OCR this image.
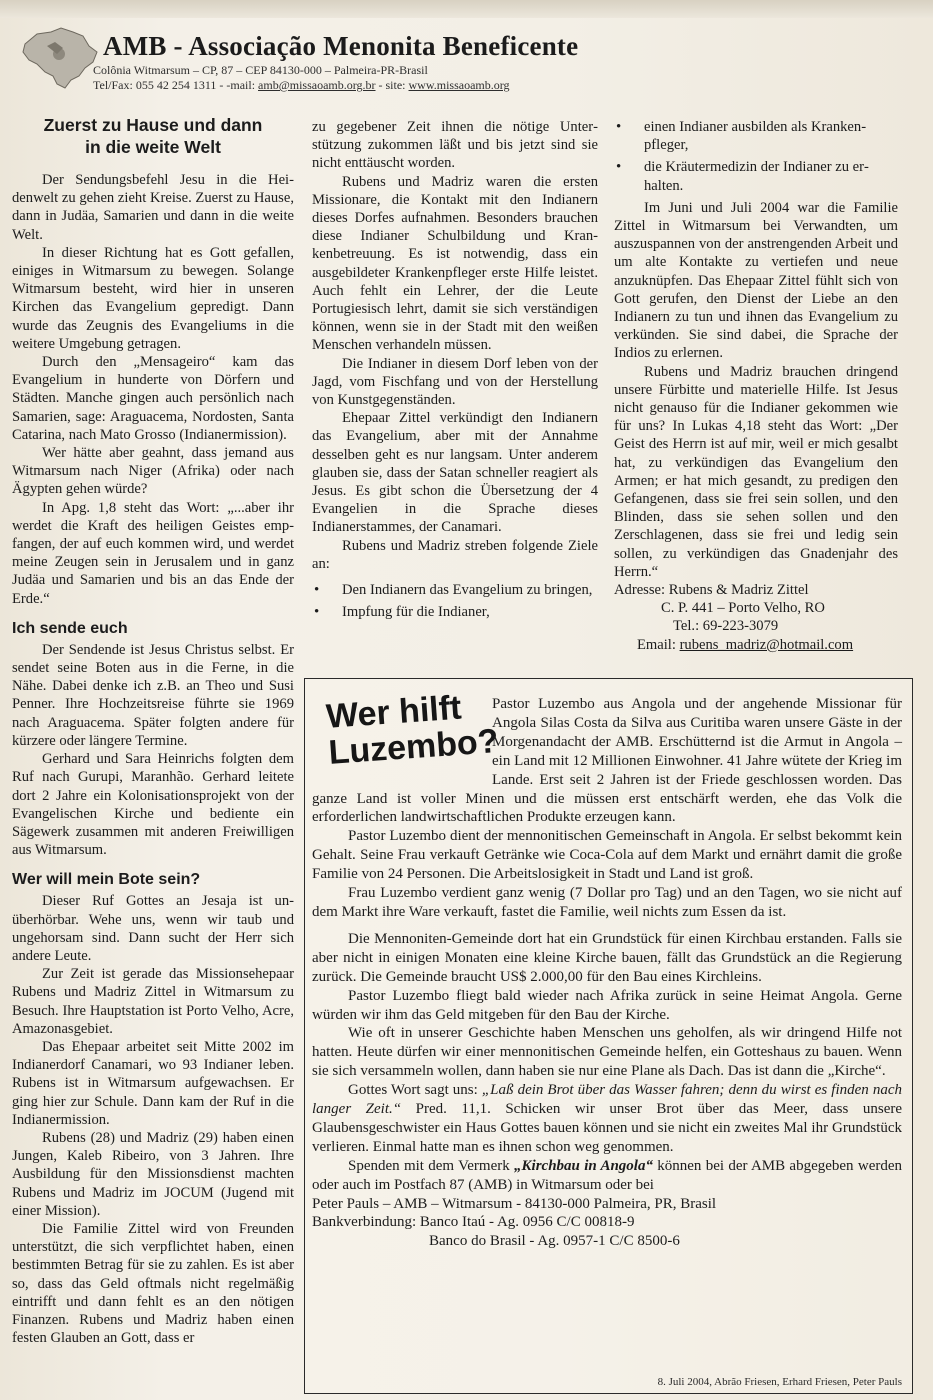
AMB - Associação Menonita Beneficente
Colônia Witmarsum – CP, 87 – CEP 84130-000 – Palmeira-PR-Brasil
Tel/Fax: 055 42 254 1311 - -mail: amb@missaoamb.org.br - site: www.missaoamb.org
Zuerst zu Hause und dann
in die weite Welt

Der Sendungsbefehl Jesu in die Heidenwelt zu gehen zieht Kreise. Zuerst zu Hause, dann in Judäa, Samarien und dann in die weite Welt.

In dieser Richtung hat es Gott gefallen, einiges in Witmarsum zu bewegen. Solange Witmarsum besteht, wird hier in unseren Kirchen das Evangelium gepredigt. Dann wurde das Zeugnis des Evangeliums in die weitere Umgebung getragen.

Durch den „Mensageiro“ kam das Evangelium in hunderte von Dörfern und Städten. Manche gingen auch persönlich nach Samarien, sage: Araguacema, Nordosten, Santa Catarina, nach Mato Grosso (Indianermission).

Wer hätte aber geahnt, dass jemand aus Witmarsum nach Niger (Afrika) oder nach Ägypten gehen würde?

In Apg. 1,8 steht das Wort: „...aber ihr werdet die Kraft des heiligen Geistes empfangen, der auf euch kommen wird, und werdet meine Zeugen sein in Jerusalem und in ganz Judäa und Samarien und bis an das Ende der Erde.“

Ich sende euch

Der Sendende ist Jesus Christus selbst. Er sendet seine Boten aus in die Ferne, in die Nähe. Dabei denke ich z.B. an Theo und Susi Penner. Ihre Hochzeitsreise führte sie 1969 nach Araguacema. Später folgten andere für kürzere oder längere Termine.

Gerhard und Sara Heinrichs folgten dem Ruf nach Gurupi, Maranhão. Gerhard leitete dort 2 Jahre ein Kolonisationsprojekt von der Evangelischen Kirche und bediente ein Sägewerk zusammen mit anderen Freiwilligen aus Witmarsum.

Wer will mein Bote sein?

Dieser Ruf Gottes an Jesaja ist unüberhörbar. Wehe uns, wenn wir taub und ungehorsam sind. Dann sucht der Herr sich andere Leute.

Zur Zeit ist gerade das Missionsehepaar Rubens und Madriz Zittel in Witmarsum zu Besuch. Ihre Hauptstation ist Porto Velho, Acre, Amazonasgebiet.

Das Ehepaar arbeitet seit Mitte 2002 im Indianerdorf Canamari, wo 93 Indianer leben. Rubens ist in Witmarsum aufgewachsen. Er ging hier zur Schule. Dann kam der Ruf in die Indianermission.

Rubens (28) und Madriz (29) haben einen Jungen, Kaleb Ribeiro, von 3 Jahren. Ihre Ausbildung für den Missionsdienst machten Rubens und Madriz im JOCUM (Jugend mit einer Mission).

Die Familie Zittel wird von Freunden unterstützt, die sich verpflichtet haben, einen bestimmten Betrag für sie zu zahlen. Es ist aber so, dass das Geld oftmals nicht regelmäßig eintrifft und dann fehlt es an den nötigen Finanzen. Rubens und Madriz haben einen festen Glauben an Gott, dass er

zu gegebener Zeit ihnen die nötige Unterstützung zukommen läßt und bis jetzt sind sie nicht enttäuscht worden.

Rubens und Madriz waren die ersten Missionare, die Kontakt mit den Indianern dieses Dorfes aufnahmen. Besonders brauchen diese Indianer Schulbildung und Krankenbetreuung. Es ist notwendig, dass ein ausgebildeter Krankenpfleger erste Hilfe leistet. Auch fehlt ein Lehrer, der die Leute Portugiesisch lehrt, damit sie sich verständigen können, wenn sie in der Stadt mit den weißen Menschen verhandeln müssen.

Die Indianer in diesem Dorf leben von der Jagd, vom Fischfang und von der Herstellung von Kunstgegenständen.

Ehepaar Zittel verkündigt den Indianern das Evangelium, aber mit der Annahme desselben geht es nur langsam. Unter anderem glauben sie, dass der Satan schneller reagiert als Jesus. Es gibt schon die Übersetzung der 4 Evangelien in die Sprache dieses Indianerstammes, der Canamari.

Rubens und Madriz streben folgende Ziele an:

• Den Indianern das Evangelium zu bringen,
• Impfung für die Indianer,
• einen Indianer ausbilden als Krankenpfleger,
• die Kräutermedizin der Indianer zu erhalten.

Im Juni und Juli 2004 war die Familie Zittel in Witmarsum bei Verwandten, um auszuspannen von der anstrengenden Arbeit und um alte Kontakte zu vertiefen und neue anzuknüpfen. Das Ehepaar Zittel fühlt sich von Gott gerufen, den Dienst der Liebe an den Indianern zu tun und ihnen das Evangelium zu verkünden. Sie sind dabei, die Sprache der Indios zu erlernen.

Rubens und Madriz brauchen dringend unsere Fürbitte und materielle Hilfe. Ist Jesus nicht genauso für die Indianer gekommen wie für uns? In Lukas 4,18 steht das Wort: „Der Geist des Herrn ist auf mir, weil er mich gesalbt hat, zu verkündigen das Evangelium den Armen; er hat mich gesandt, zu predigen den Gefangenen, dass sie frei sein sollen, und den Blinden, dass sie sehen sollen und den Zerschlagenen, dass sie frei und ledig sein sollen, zu verkündigen das Gnadenjahr des Herrn.“

Adresse: Rubens & Madriz Zittel
C. P. 441 – Porto Velho, RO
Tel.: 69-223-3079
Email: rubens_madriz@hotmail.com
Wer hilft
Luzembo?

Pastor Luzembo aus Angola und der angehende Missionar für Angola Silas Costa da Silva aus Curitiba waren unsere Gäste in der Morgenandacht der AMB. Erschütternd ist die Armut in Angola – ein Land mit 12 Millionen Einwohner. 41 Jahre wütete der Krieg im Lande. Erst seit 2 Jahren ist der Friede geschlossen worden. Das ganze Land ist voller Minen und die müssen erst entschärft werden, ehe das Volk die erforderlichen landwirtschaftlichen Produkte erzeugen kann.

Pastor Luzembo dient der mennonitischen Gemeinschaft in Angola. Er selbst bekommt kein Gehalt. Seine Frau verkauft Getränke wie Coca-Cola auf dem Markt und ernährt damit die große Familie von 24 Personen. Die Arbeitslosigkeit in Stadt und Land ist groß.

Frau Luzembo verdient ganz wenig (7 Dollar pro Tag) und an den Tagen, wo sie nicht auf dem Markt ihre Ware verkauft, fastet die Familie, weil nichts zum Essen da ist.

Die Mennoniten-Gemeinde dort hat ein Grundstück für einen Kirchbau erstanden. Falls sie aber nicht in einigen Monaten eine kleine Kirche bauen, fällt das Grundstück an die Regierung zurück. Die Gemeinde braucht US$ 2.000,00 für den Bau eines Kirchleins.

Pastor Luzembo fliegt bald wieder nach Afrika zurück in seine Heimat Angola. Gerne würden wir ihm das Geld mitgeben für den Bau der Kirche.

Wie oft in unserer Geschichte haben Menschen uns geholfen, als wir dringend Hilfe not hatten. Heute dürfen wir einer mennonitischen Gemeinde helfen, ein Gotteshaus zu bauen. Wenn sie sich versammeln wollen, dann haben sie nur eine Plane als Dach. Das ist dann die „Kirche“.

Gottes Wort sagt uns: „Laß dein Brot über das Wasser fahren; denn du wirst es finden nach langer Zeit.“ Pred. 11,1. Schicken wir unser Brot über das Meer, dass unsere Glaubensgeschwister ein Haus Gottes bauen können und sie nicht ein zweites Mal ihr Grundstück verlieren. Einmal hatte man es ihnen schon weg genommen.

Spenden mit dem Vermerk „Kirchbau in Angola“ können bei der AMB abgegeben werden oder auch im Postfach 87 (AMB) in Witmarsum oder bei

Peter Pauls – AMB – Witmarsum - 84130-000 Palmeira, PR, Brasil

Bankverbindung: Banco Itaú - Ag. 0956 C/C 00818-9

Banco do Brasil - Ag. 0957-1 C/C 8500-6

8. Juli 2004, Abrão Friesen, Erhard Friesen, Peter Pauls
